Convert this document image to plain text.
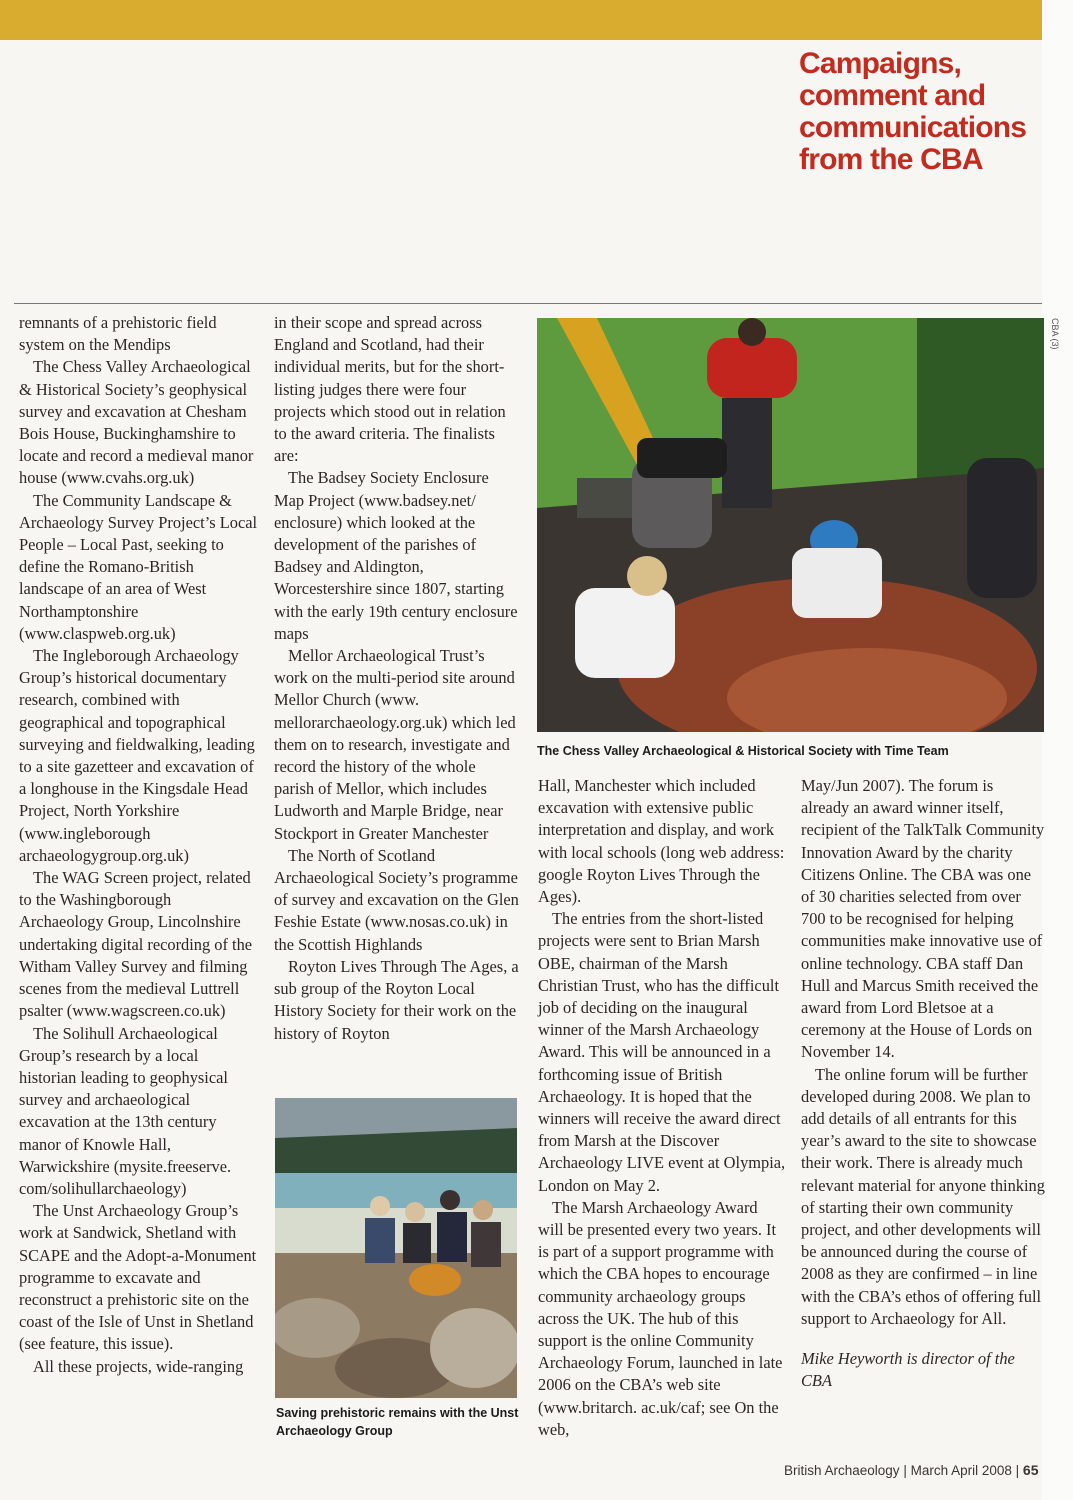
Campaigns, comment and communications from the CBA

remnants of a prehistoric field system on the Mendips

The Chess Valley Archaeological & Historical Society’s geophysical survey and excavation at Chesham Bois House, Buckinghamshire to locate and record a medieval manor house (www.cvahs.org.uk)

The Community Landscape & Archaeology Survey Project’s Local People – Local Past, seeking to define the Romano-British landscape of an area of West Northamptonshire (www.claspweb.org.uk)

The Ingleborough Archaeology Group’s historical documentary research, combined with geographical and topographical surveying and fieldwalking, leading to a site gazetteer and excavation of a longhouse in the Kingsdale Head Project, North Yorkshire (www.ingleborough archaeologygroup.org.uk)

The WAG Screen project, related to the Washingborough Archaeology Group, Lincolnshire undertaking digital recording of the Witham Valley Survey and filming scenes from the medieval Luttrell psalter (www.wagscreen.co.uk)

The Solihull Archaeological Group’s research by a local historian leading to geophysical survey and archaeological excavation at the 13th century manor of Knowle Hall, Warwickshire (mysite.freeserve. com/solihullarchaeology)

The Unst Archaeology Group’s work at Sandwick, Shetland with SCAPE and the Adopt-a-Monument programme to excavate and reconstruct a prehistoric site on the coast of the Isle of Unst in Shetland (see feature, this issue).

All these projects, wide-ranging

in their scope and spread across England and Scotland, had their individual merits, but for the short-listing judges there were four projects which stood out in relation to the award criteria. The finalists are:

The Badsey Society Enclosure Map Project (www.badsey.net/ enclosure) which looked at the development of the parishes of Badsey and Aldington, Worcestershire since 1807, starting with the early 19th century enclosure maps

Mellor Archaeological Trust’s work on the multi-period site around Mellor Church (www. mellorarchaeology.org.uk) which led them on to research, investigate and record the history of the whole parish of Mellor, which includes Ludworth and Marple Bridge, near Stockport in Greater Manchester

The North of Scotland Archaeological Society’s programme of survey and excavation on the Glen Feshie Estate (www.nosas.co.uk) in the Scottish Highlands

Royton Lives Through The Ages, a sub group of the Royton Local History Society for their work on the history of Royton

CBA (3)

The Chess Valley Archaeological & Historical Society with Time Team

Saving prehistoric remains with the Unst Archaeology Group

Hall, Manchester which included excavation with extensive public interpretation and display, and work with local schools (long web address: google Royton Lives Through the Ages).

The entries from the short-listed projects were sent to Brian Marsh OBE, chairman of the Marsh Christian Trust, who has the difficult job of deciding on the inaugural winner of the Marsh Archaeology Award. This will be announced in a forthcoming issue of British Archaeology. It is hoped that the winners will receive the award direct from Marsh at the Discover Archaeology LIVE event at Olympia, London on May 2.

The Marsh Archaeology Award will be presented every two years. It is part of a support programme with which the CBA hopes to encourage community archaeology groups across the UK. The hub of this support is the online Community Archaeology Forum, launched in late 2006 on the CBA’s web site (www.britarch. ac.uk/caf; see On the web,

May/Jun 2007). The forum is already an award winner itself, recipient of the TalkTalk Community Innovation Award by the charity Citizens Online. The CBA was one of 30 charities selected from over 700 to be recognised for helping communities make innovative use of online technology. CBA staff Dan Hull and Marcus Smith received the award from Lord Bletsoe at a ceremony at the House of Lords on November 14.

The online forum will be further developed during 2008. We plan to add details of all entrants for this year’s award to the site to showcase their work. There is already much relevant material for anyone thinking of starting their own community project, and other developments will be announced during the course of 2008 as they are confirmed – in line with the CBA’s ethos of offering full support to Archaeology for All.

Mike Heyworth is director of the CBA

British Archaeology | March April 2008 | 65
